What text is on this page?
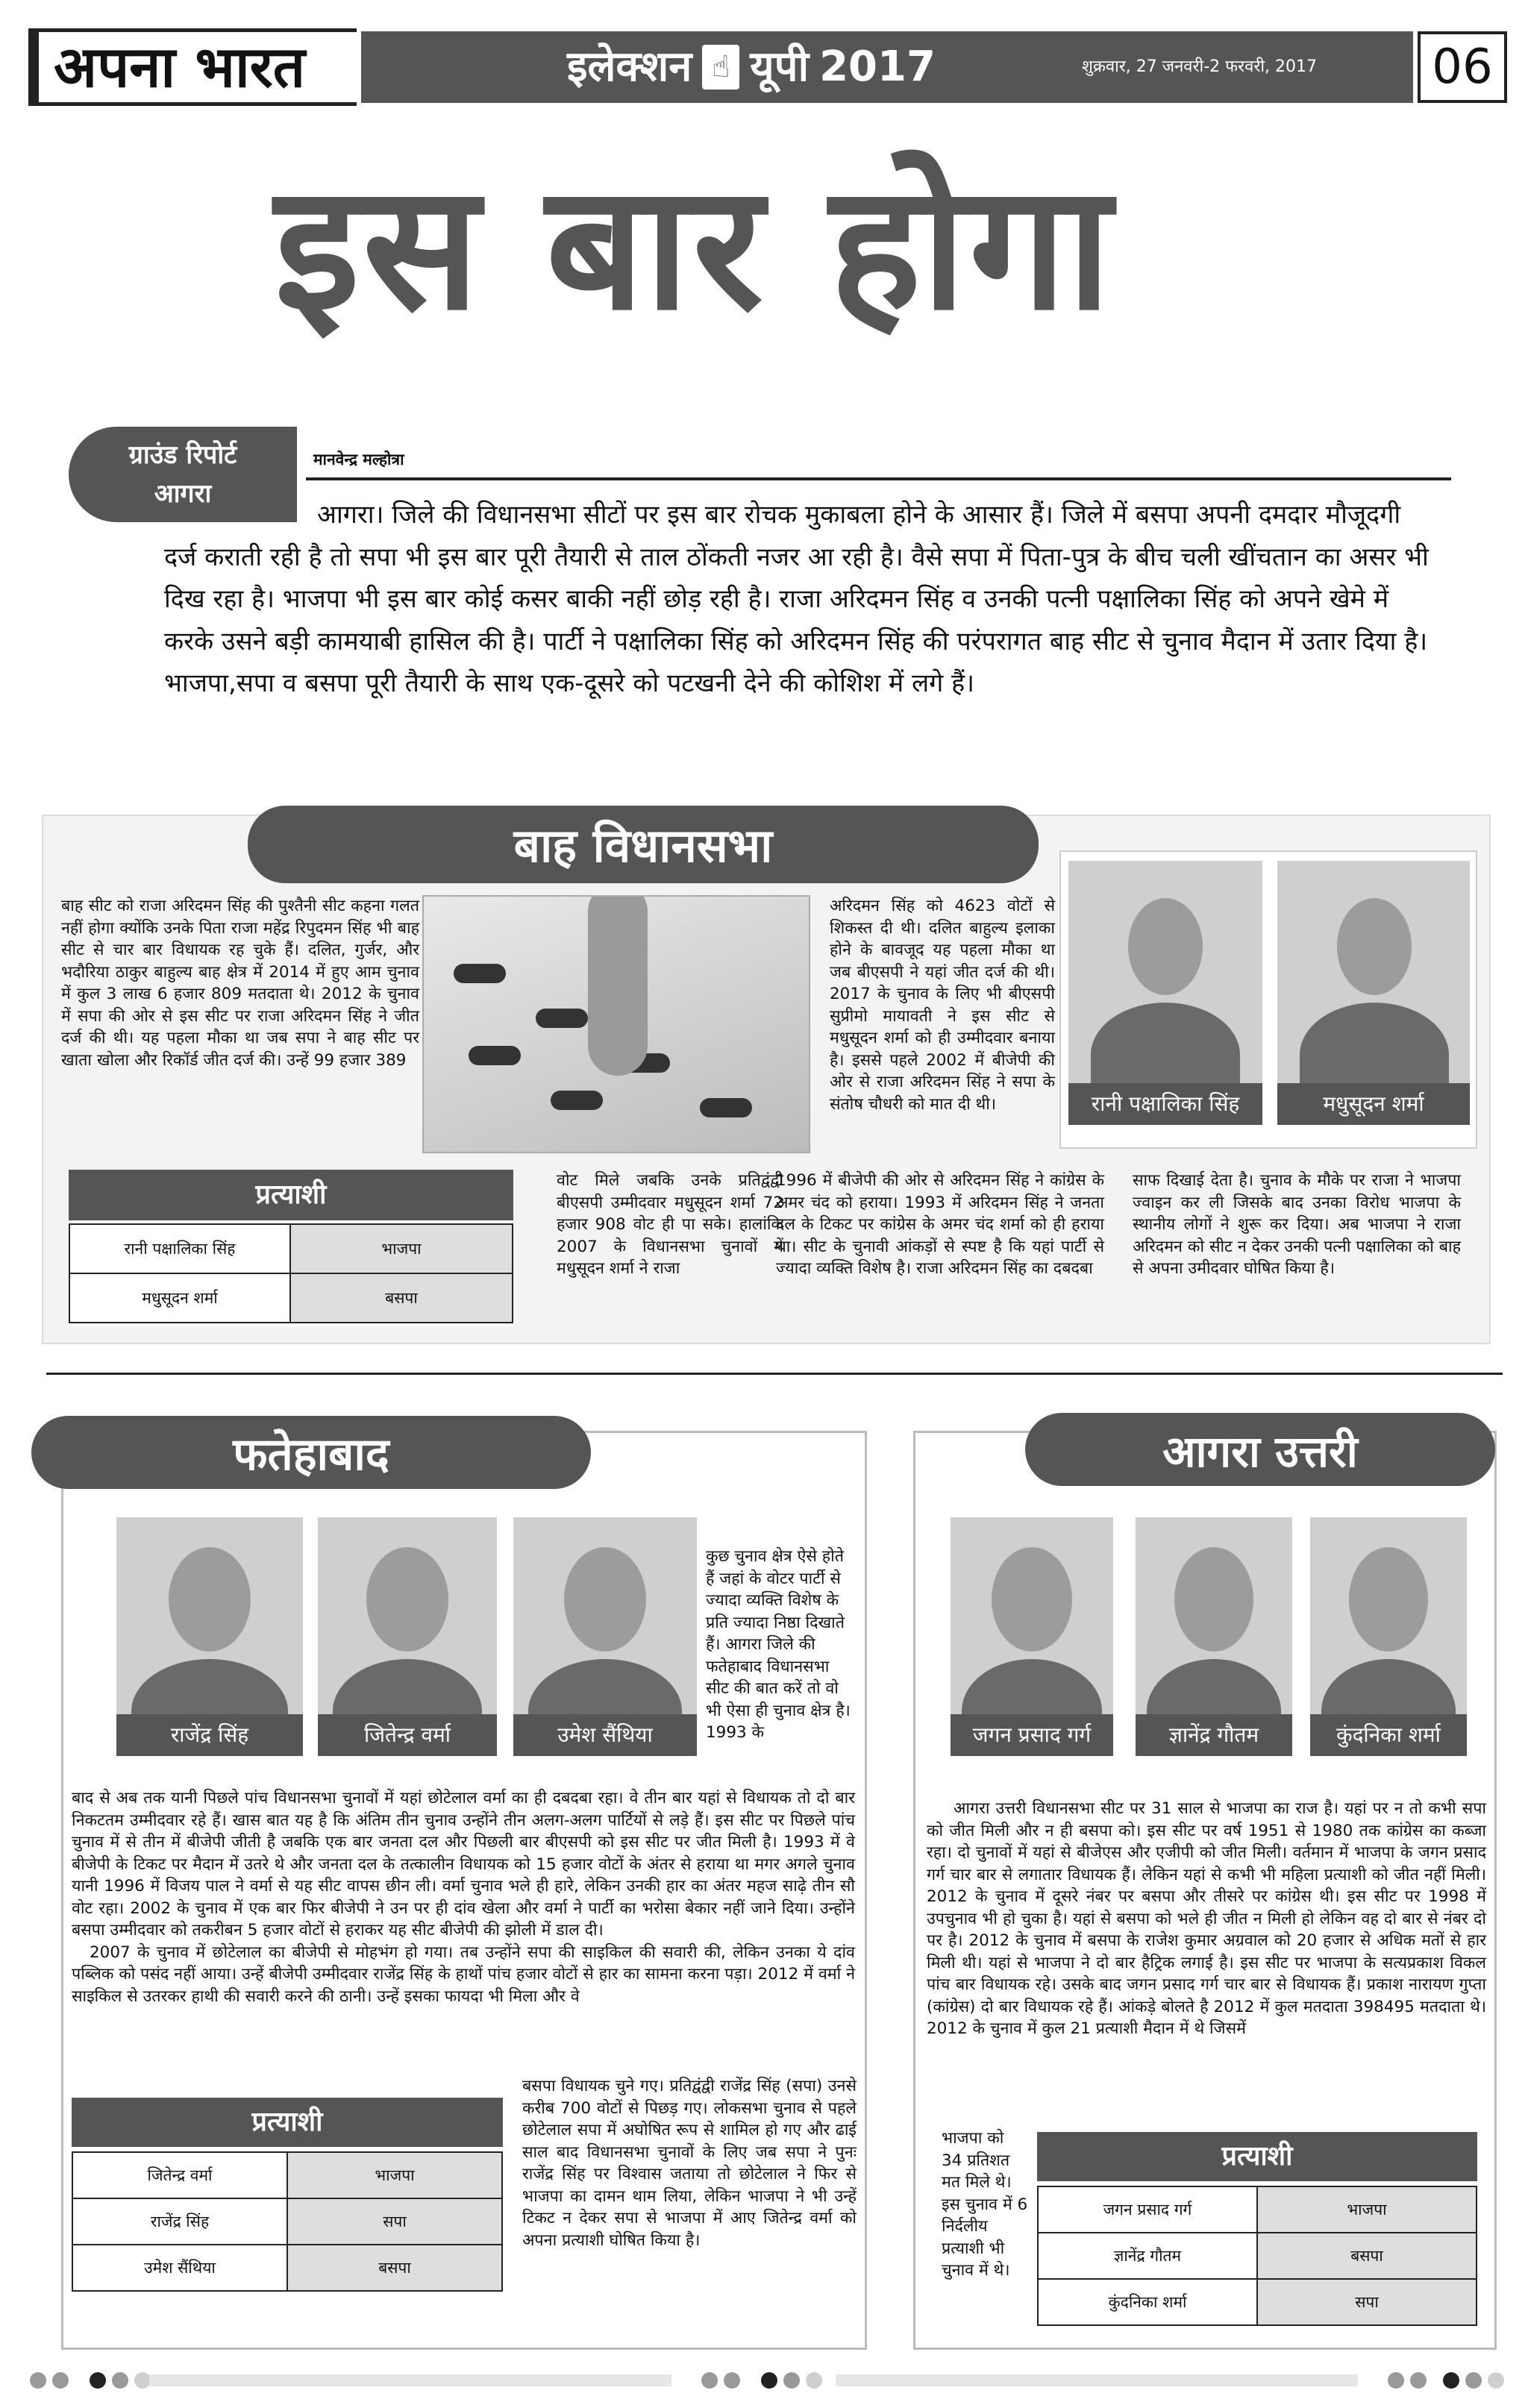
अपना भारत	इलेक्शन ☝ यूपी 2017	शुक्रवार, 27 जनवरी-2 फरवरी, 2017	06
इस बार होगा
ग्राउंड रिपोर्ट
आगरा
मानवेन्द्र मल्होत्रा
आगरा। जिले की विधानसभा सीटों पर इस बार रोचक मुकाबला होने के आसार हैं। जिले में बसपा अपनी दमदार मौजूदगी दर्ज कराती रही है तो सपा भी इस बार पूरी तैयारी से ताल ठोंकती नजर आ रही है। वैसे सपा में पिता-पुत्र के बीच चली खींचतान का असर भी दिख रहा है। भाजपा भी इस बार कोई कसर बाकी नहीं छोड़ रही है। राजा अरिदमन सिंह व उनकी पत्नी पक्षालिका सिंह को अपने खेमे में करके उसने बड़ी कामयाबी हासिल की है। पार्टी ने पक्षालिका सिंह को अरिदमन सिंह की परंपरागत बाह सीट से चुनाव मैदान में उतार दिया है। भाजपा,सपा व बसपा पूरी तैयारी के साथ एक-दूसरे को पटखनी देने की कोशिश में लगे हैं।
बाह विधानसभा
बाह सीट को राजा अरिदमन सिंह की पुश्तैनी सीट कहना गलत नहीं होगा क्योंकि उनके पिता राजा महेंद्र रिपुदमन सिंह भी बाह सीट से चार बार विधायक रह चुके हैं। दलित, गुर्जर, और भदौरिया ठाकुर बाहुल्य बाह क्षेत्र में 2014 में हुए आम चुनाव में कुल 3 लाख 6 हजार 809 मतदाता थे। 2012 के चुनाव में सपा की ओर से इस सीट पर राजा अरिदमन सिंह ने जीत दर्ज की थी। यह पहला मौका था जब सपा ने बाह सीट पर खाता खोला और रिकॉर्ड जीत दर्ज की। उन्हें 99 हजार 389
अरिदमन सिंह को 4623 वोटों से शिकस्त दी थी। दलित बाहुल्य इलाका होने के बावजूद यह पहला मौका था जब बीएसपी ने यहां जीत दर्ज की थी। 2017 के चुनाव के लिए भी बीएसपी सुप्रीमो मायावती ने इस सीट से मधुसूदन शर्मा को ही उम्मीदवार बनाया है। इससे पहले 2002 में बीजेपी की ओर से राजा अरिदमन सिंह ने सपा के संतोष चौधरी को मात दी थी।	रानी पक्षालिका सिंह	मधुसूदन शर्मा
प्रत्याशी
रानी पक्षालिका सिंह	भाजपा
मधुसूदन शर्मा	बसपा
वोट मिले जबकि उनके प्रतिद्वंद्वी बीएसपी उम्मीदवार मधुसूदन शर्मा 72 हजार 908 वोट ही पा सके। हालांकि 2007 के विधानसभा चुनावों में मधुसूदन शर्मा ने राजा
1996 में बीजेपी की ओर से अरिदमन सिंह ने कांग्रेस के अमर चंद को हराया। 1993 में अरिदमन सिंह ने जनता दल के टिकट पर कांग्रेस के अमर चंद शर्मा को ही हराया था। सीट के चुनावी आंकड़ों से स्पष्ट है कि यहां पार्टी से ज्यादा व्यक्ति विशेष है। राजा अरिदमन सिंह का दबदबा
साफ दिखाई देता है। चुनाव के मौके पर राजा ने भाजपा ज्वाइन कर ली जिसके बाद उनका विरोध भाजपा के स्थानीय लोगों ने शुरू कर दिया। अब भाजपा ने राजा अरिदमन को सीट न देकर उनकी पत्नी पक्षालिका को बाह से अपना उमीदवार घोषित किया है।
फतेहाबाद
राजेंद्र सिंह	जितेन्द्र वर्मा	उमेश सैंथिया
कुछ चुनाव क्षेत्र ऐसे होते हैं जहां के वोटर पार्टी से ज्यादा व्यक्ति विशेष के प्रति ज्यादा निष्ठा दिखाते हैं। आगरा जिले की फतेहाबाद विधानसभा सीट की बात करें तो वो भी ऐसा ही चुनाव क्षेत्र है। 1993 के

बाद से अब तक यानी पिछले पांच विधानसभा चुनावों में यहां छोटेलाल वर्मा का ही दबदबा रहा। वे तीन बार यहां से विधायक तो दो बार निकटतम उम्मीदवार रहे हैं। खास बात यह है कि अंतिम तीन चुनाव उन्होंने तीन अलग-अलग पार्टियों से लड़े हैं। इस सीट पर पिछले पांच चुनाव में से तीन में बीजेपी जीती है जबकि एक बार जनता दल और पिछली बार बीएसपी को इस सीट पर जीत मिली है। 1993 में वे बीजेपी के टिकट पर मैदान में उतरे थे और जनता दल के तत्कालीन विधायक को 15 हजार वोटों के अंतर से हराया था मगर अगले चुनाव यानी 1996 में विजय पाल ने वर्मा से यह सीट वापस छीन ली। वर्मा चुनाव भले ही हारे, लेकिन उनकी हार का अंतर महज साढ़े तीन सौ वोट रहा। 2002 के चुनाव में एक बार फिर बीजेपी ने उन पर ही दांव खेला और वर्मा ने पार्टी का भरोसा बेकार नहीं जाने दिया। उन्होंने बसपा उम्मीदवार को तकरीबन 5 हजार वोटों से हराकर यह सीट बीजेपी की झोली में डाल दी।

2007 के चुनाव में छोटेलाल का बीजेपी से मोहभंग हो गया। तब उन्होंने सपा की साइकिल की सवारी की, लेकिन उनका ये दांव पब्लिक को पसंद नहीं आया। उन्हें बीजेपी उम्मीदवार राजेंद्र सिंह के हाथों पांच हजार वोटों से हार का सामना करना पड़ा। 2012 में वर्मा ने साइकिल से उतरकर हाथी की सवारी करने की ठानी। उन्हें इसका फायदा भी मिला और वे

प्रत्याशी
जितेन्द्र वर्मा	भाजपा
राजेंद्र सिंह	सपा
उमेश सैंथिया	बसपा
बसपा विधायक चुने गए। प्रतिद्वंद्वी राजेंद्र सिंह (सपा) उनसे करीब 700 वोटों से पिछड़ गए। लोकसभा चुनाव से पहले छोटेलाल सपा में अघोषित रूप से शामिल हो गए और ढाई साल बाद विधानसभा चुनावों के लिए जब सपा ने पुनः राजेंद्र सिंह पर विश्वास जताया तो छोटेलाल ने फिर से भाजपा का दामन थाम लिया, लेकिन भाजपा ने भी उन्हें टिकट न देकर सपा से भाजपा में आए जितेन्द्र वर्मा को अपना प्रत्याशी घोषित किया है।
आगरा उत्तरी
जगन प्रसाद गर्ग	ज्ञानेंद्र गौतम	कुंदनिका शर्मा

आगरा उत्तरी विधानसभा सीट पर 31 साल से भाजपा का राज है। यहां पर न तो कभी सपा को जीत मिली और न ही बसपा को। इस सीट पर वर्ष 1951 से 1980 तक कांग्रेस का कब्जा रहा। दो चुनावों में यहां से बीजेएस और एजीपी को जीत मिली। वर्तमान में भाजपा के जगन प्रसाद गर्ग चार बार से लगातार विधायक हैं। लेकिन यहां से कभी भी महिला प्रत्याशी को जीत नहीं मिली। 2012 के चुनाव में दूसरे नंबर पर बसपा और तीसरे पर कांग्रेस थी। इस सीट पर 1998 में उपचुनाव भी हो चुका है। यहां से बसपा को भले ही जीत न मिली हो लेकिन वह दो बार से नंबर दो पर है। 2012 के चुनाव में बसपा के राजेश कुमार अग्रवाल को 20 हजार से अधिक मतों से हार मिली थी। यहां से भाजपा ने दो बार हैट्रिक लगाई है। इस सीट पर भाजपा के सत्यप्रकाश विकल पांच बार विधायक रहे। उसके बाद जगन प्रसाद गर्ग चार बार से विधायक हैं। प्रकाश नारायण गुप्ता (कांग्रेस) दो बार विधायक रहे हैं। आंकड़े बोलते है 2012 में कुल मतदाता 398495 मतदाता थे। 2012 के चुनाव में कुल 21 प्रत्याशी मैदान में थे जिसमें

भाजपा को 34 प्रतिशत मत मिले थे। इस चुनाव में 6 निर्दलीय प्रत्याशी भी चुनाव में थे।
प्रत्याशी
जगन प्रसाद गर्ग	भाजपा
ज्ञानेंद्र गौतम	बसपा
कुंदनिका शर्मा	सपा
